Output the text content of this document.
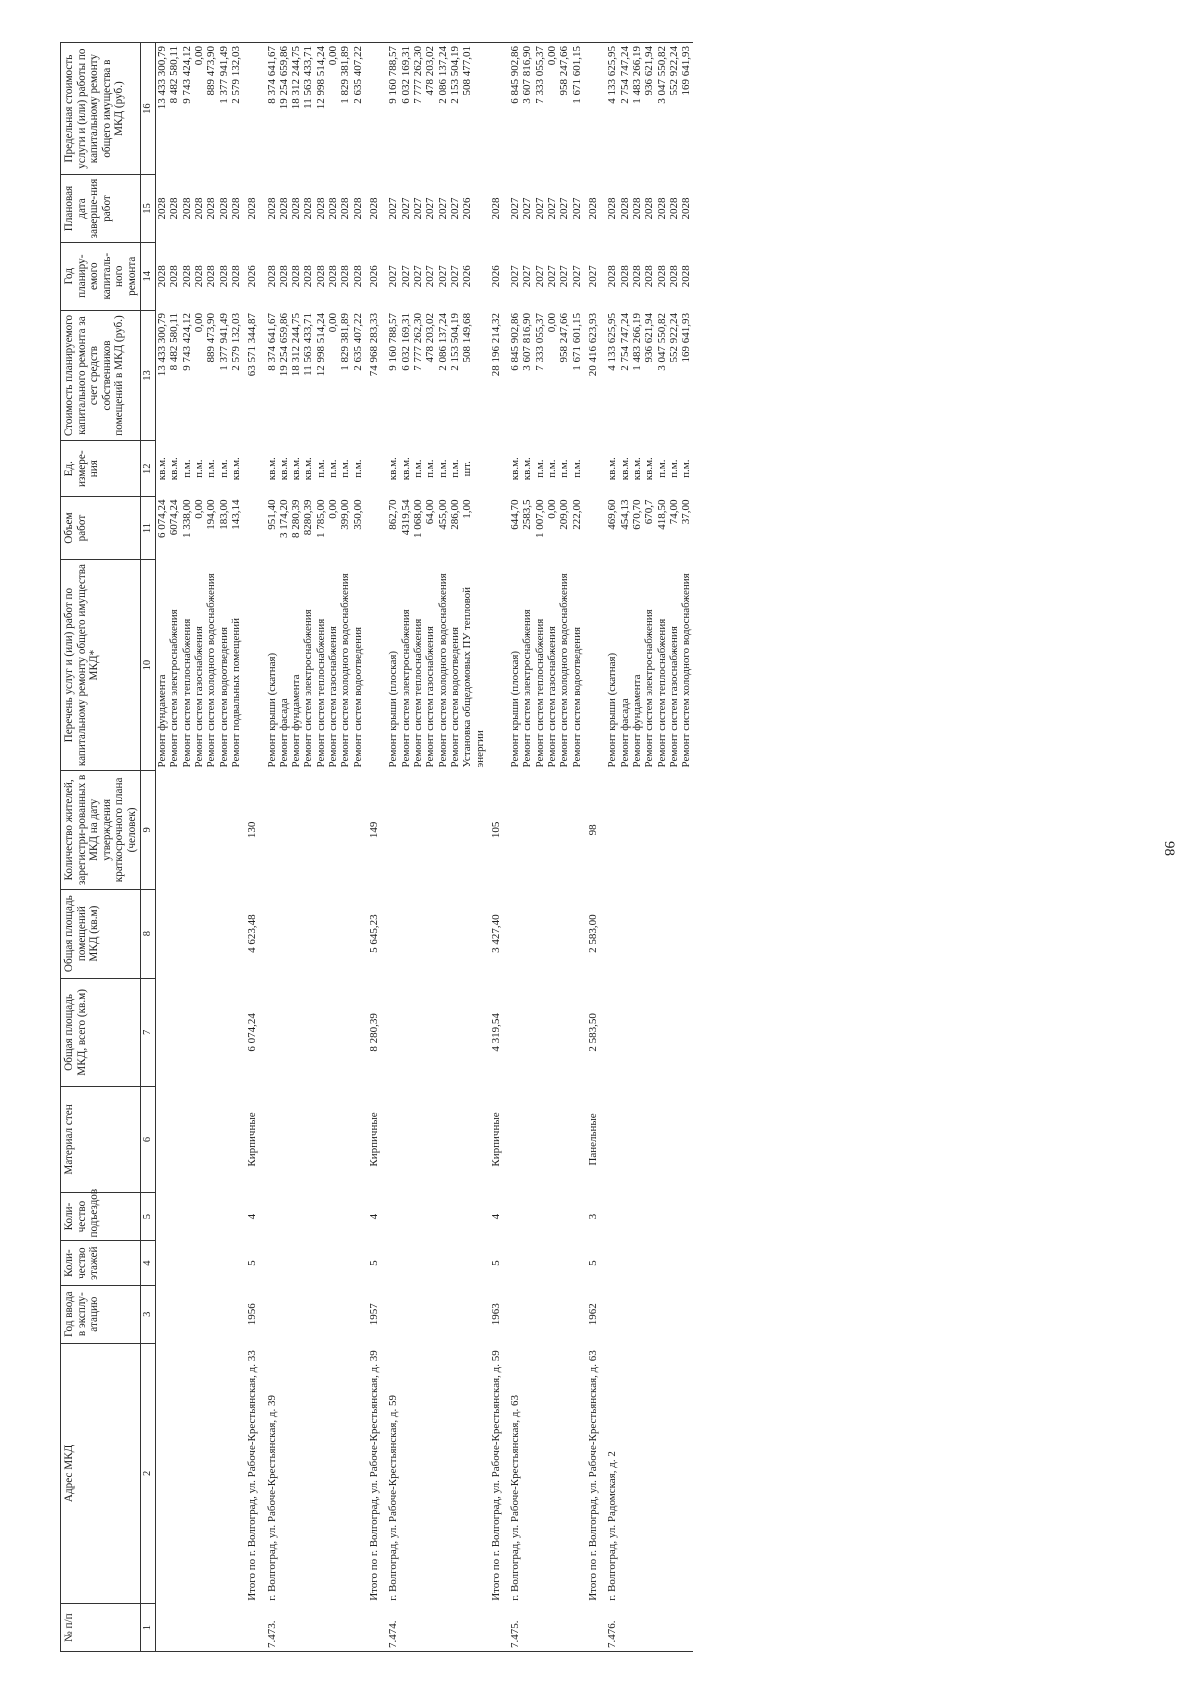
98
№ п/п	Адрес МКД	Год ввода в эксплу-атацию	Коли-чество этажей	Коли-чество подъездов	Материал стен	Общая площадь МКД, всего (кв.м)	Общая площадь помещений МКД (кв.м)	Количество жителей, зарегистри-рованных в МКД на дату утверждения краткосрочного плана (человек)	Перечень услуг и (или) работ по капитальному ремонту общего имущества МКД*	Объем работ	Ед. измере-ния	Стоимость планируемого капитального ремонта за счет средств собственников помещений в МКД (руб.)	Год планиру-емого капиталь-ного ремонта	Плановая дата заверше-ния работ	Предельная стоимость услуги и (или) работы по капитальному ремонту общего имущества в МКД (руб.)
1	2	3	4	5	6	7	8	9	10	11	12	13	14	15	16
									Ремонт фундамента	6 074,24	кв.м.	13 433 300,79	2028	2028	13 433 300,79
									Ремонт систем электроснабжения	6074,24	кв.м.	8 482 580,11	2028	2028	8 482 580,11
									Ремонт систем теплоснабжения	1 338,00	п.м.	9 743 424,12	2028	2028	9 743 424,12
									Ремонт систем газоснабжения	0,00	п.м.	0,00	2028	2028	0,00
									Ремонт систем холодного водоснабжения	194,00	п.м.	889 473,90	2028	2028	889 473,90
									Ремонт систем водоотведения	183,00	п.м.	1 377 941,49	2028	2028	1 377 941,49
									Ремонт подвальных помещений	143,14	кв.м.	2 579 132,03	2028	2028	2 579 132,03
	Итого по г. Волгоград, ул. Рабоче-Крестьянская, д. 33	1956	5	4	Кирпичные	6 074,24	4 623,48	130				63 571 344,87	2026	2028	
7.473.	г. Волгоград, ул. Рабоче-Крестьянская, д. 39								Ремонт крыши (скатная)	951,40	кв.м.	8 374 641,67	2028	2028	8 374 641,67
									Ремонт фасада	3 174,20	кв.м.	19 254 659,86	2028	2028	19 254 659,86
									Ремонт фундамента	8 280,39	кв.м.	18 312 244,75	2028	2028	18 312 244,75
									Ремонт систем электроснабжения	8280,39	кв.м.	11 563 433,71	2028	2028	11 563 433,71
									Ремонт систем теплоснабжения	1 785,00	п.м.	12 998 514,24	2028	2028	12 998 514,24
									Ремонт систем газоснабжения	0,00	п.м.	0,00	2028	2028	0,00
									Ремонт систем холодного водоснабжения	399,00	п.м.	1 829 381,89	2028	2028	1 829 381,89
									Ремонт систем водоотведения	350,00	п.м.	2 635 407,22	2028	2028	2 635 407,22
	Итого по г. Волгоград, ул. Рабоче-Крестьянская, д. 39	1957	5	4	Кирпичные	8 280,39	5 645,23	149				74 968 283,33	2026	2028	
7.474.	г. Волгоград, ул. Рабоче-Крестьянская, д. 59								Ремонт крыши (плоская)	862,70	кв.м.	9 160 788,57	2027	2027	9 160 788,57
									Ремонт систем электроснабжения	4319,54	кв.м.	6 032 169,31	2027	2027	6 032 169,31
									Ремонт систем теплоснабжения	1 068,00	п.м.	7 777 262,30	2027	2027	7 777 262,30
									Ремонт систем газоснабжения	64,00	п.м.	478 203,02	2027	2027	478 203,02
									Ремонт систем холодного водоснабжения	455,00	п.м.	2 086 137,24	2027	2027	2 086 137,24
									Ремонт систем водоотведения	286,00	п.м.	2 153 504,19	2027	2027	2 153 504,19
									Установка общедомовых ПУ тепловой энергии	1,00	шт.	508 149,68	2026	2026	508 477,01
	Итого по г. Волгоград, ул. Рабоче-Крестьянская, д. 59	1963	5	4	Кирпичные	4 319,54	3 427,40	105				28 196 214,32	2026	2028	
7.475.	г. Волгоград, ул. Рабоче-Крестьянская, д. 63								Ремонт крыши (плоская)	644,70	кв.м.	6 845 902,86	2027	2027	6 845 902,86
									Ремонт систем электроснабжения	2583,5	кв.м.	3 607 816,90	2027	2027	3 607 816,90
									Ремонт систем теплоснабжения	1 007,00	п.м.	7 333 055,37	2027	2027	7 333 055,37
									Ремонт систем газоснабжения	0,00	п.м.	0,00	2027	2027	0,00
									Ремонт систем холодного водоснабжения	209,00	п.м.	958 247,66	2027	2027	958 247,66
									Ремонт систем водоотведения	222,00	п.м.	1 671 601,15	2027	2027	1 671 601,15
	Итого по г. Волгоград, ул. Рабоче-Крестьянская, д. 63	1962	5	3	Панельные	2 583,50	2 583,00	98				20 416 623,93	2027	2028	
7.476.	г. Волгоград, ул. Радомская, д. 2								Ремонт крыши (скатная)	469,60	кв.м.	4 133 625,95	2028	2028	4 133 625,95
									Ремонт фасада	454,13	кв.м.	2 754 747,24	2028	2028	2 754 747,24
									Ремонт фундамента	670,70	кв.м.	1 483 266,19	2028	2028	1 483 266,19
									Ремонт систем электроснабжения	670,7	кв.м.	936 621,94	2028	2028	936 621,94
									Ремонт систем теплоснабжения	418,50	п.м.	3 047 550,82	2028	2028	3 047 550,82
									Ремонт систем газоснабжения	74,00	п.м.	552 922,24	2028	2028	552 922,24
									Ремонт систем холодного водоснабжения	37,00	п.м.	169 641,93	2028	2028	169 641,93
